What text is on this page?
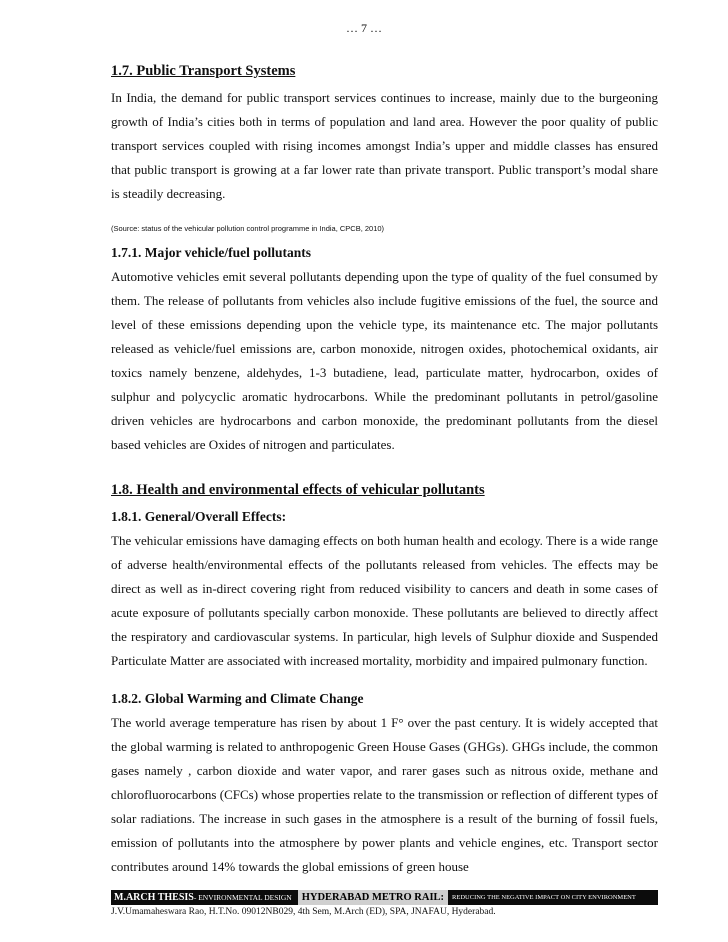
… 7 …
1.7. Public Transport Systems

In India, the demand for public transport services continues to increase, mainly due to the burgeoning growth of India’s cities both in terms of population and land area. However the poor quality of public transport services coupled with rising incomes amongst India’s upper and middle classes has ensured that public transport is growing at a far lower rate than private transport. Public transport’s modal share is steadily decreasing.

(Source: status of the vehicular pollution control programme in India, CPCB, 2010)

1.7.1. Major vehicle/fuel pollutants

Automotive vehicles emit several pollutants depending upon the type of quality of the fuel consumed by them. The release of pollutants from vehicles also include fugitive emissions of the fuel, the source and level of these emissions depending upon the vehicle type, its maintenance etc. The major pollutants released as vehicle/fuel emissions are, carbon monoxide, nitrogen oxides, photochemical oxidants, air toxics namely benzene, aldehydes, 1-3 butadiene, lead, particulate matter, hydrocarbon, oxides of sulphur and polycyclic aromatic hydrocarbons. While the predominant pollutants in petrol/gasoline driven vehicles are hydrocarbons and carbon monoxide, the predominant pollutants from the diesel based vehicles are Oxides of nitrogen and particulates.

1.8. Health and environmental effects of vehicular pollutants
1.8.1. General/Overall Effects:

The vehicular emissions have damaging effects on both human health and ecology. There is a wide range of adverse health/environmental effects of the pollutants released from vehicles. The effects may be direct as well as in-direct covering right from reduced visibility to cancers and death in some cases of acute exposure of pollutants specially carbon monoxide. These pollutants are believed to directly affect the respiratory and cardiovascular systems. In particular, high levels of Sulphur dioxide and Suspended Particulate Matter are associated with increased mortality, morbidity and impaired pulmonary function.

1.8.2. Global Warming and Climate Change

The world average temperature has risen by about 1 F° over the past century. It is widely accepted that the global warming is related to anthropogenic Green House Gases (GHGs). GHGs include, the common gases namely , carbon dioxide and water vapor, and rarer gases such as nitrous oxide, methane and chlorofluorocarbons (CFCs) whose properties relate to the transmission or reflection of different types of solar radiations. The increase in such gases in the atmosphere is a result of the burning of fossil fuels, emission of pollutants into the atmosphere by power plants and vehicle engines, etc. Transport sector contributes around 14% towards the global emissions of green house

M.ARCH THESIS - ENVIRONMENTAL DESIGN HYDERABAD METRO RAIL:	REDUCING THE NEGATIVE IMPACT ON CITY ENVIRONMENT
J.V.Umamaheswara Rao, H.T.No. 09012NB029, 4th Sem, M.Arch (ED), SPA, JNAFAU, Hyderabad.
